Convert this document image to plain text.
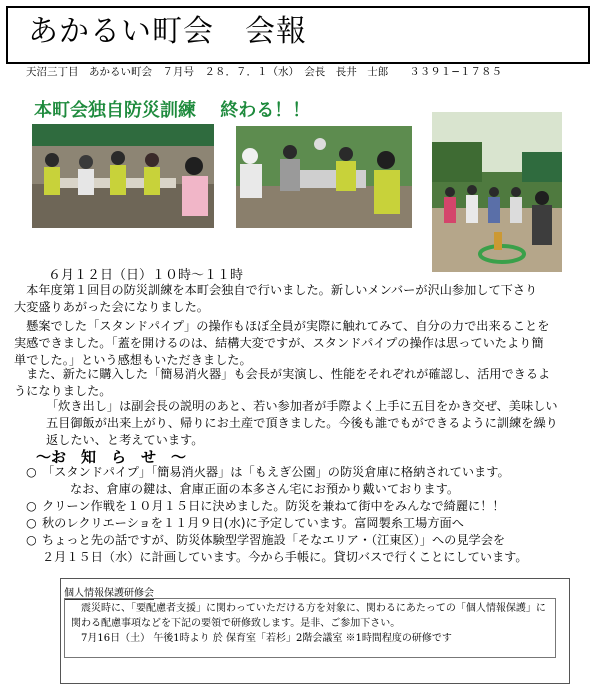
あかるい町会　会報
天沼三丁目　あかるい町会　７月号　２８．７．１（水）　会長　長井　士郎　　３３９１−１７８５
本町会独自防災訓練　 終わる！！
６月１２日（日）１０時〜１１時
　本年度第１回目の防災訓練を本町会独自で行いました。新しいメンバーが沢山参加して下さり
大変盛りあがった会になりました。
　懸案でした「スタンドパイプ」の操作もほぼ全員が実際に触れてみて、自分の力で出来ることを
実感できました。「蓋を開けるのは、結構大変ですが、スタンドパイプの操作は思っていたより簡
単でした。」という感想もいただきました。
　また、新たに購入した「簡易消火器」も会長が実演し、性能をそれぞれが確認し、活用できるよ
うになりました。
「炊き出し」は副会長の説明のあと、若い参加者が手際よく上手に五目をかき交ぜ、美味しい
五目御飯が出来上がり、帰りにお土産で頂きました。今後も誰でもができるように訓練を繰り
返したい、と考えています。
〜お　知　ら　せ　〜
○ 「スタンドパイプ」「簡易消火器」は「もえぎ公園」の防災倉庫に格納されています。
なお、倉庫の鍵は、倉庫正面の本多さん宅にお預かり戴いております。
○ クリーン作戦を１０月１５日に決めました。防災を兼ねて街中をみんなで綺麗に！！
○ 秋のレクリエーショを１１月９日(水)に予定しています。富岡製糸工場方面へ
○ ちょっと先の話ですが、防災体験型学習施設「そなエリア・（江東区）」への見学会を
２月１５日（水）に計画しています。今から手帳に。貸切バスで行くことにしています。
個人情報保護研修会
震災時に、「要配慮者支援」に関わっていただける方を対象に、関わるにあたっての「個人情報保護」に
関わる配慮事項などを下記の要領で研修致します。是非、ご参加下さい。
7月16日（土） 午後1時より 於 保育室「若杉」2階会議室 ※1時間程度の研修です
